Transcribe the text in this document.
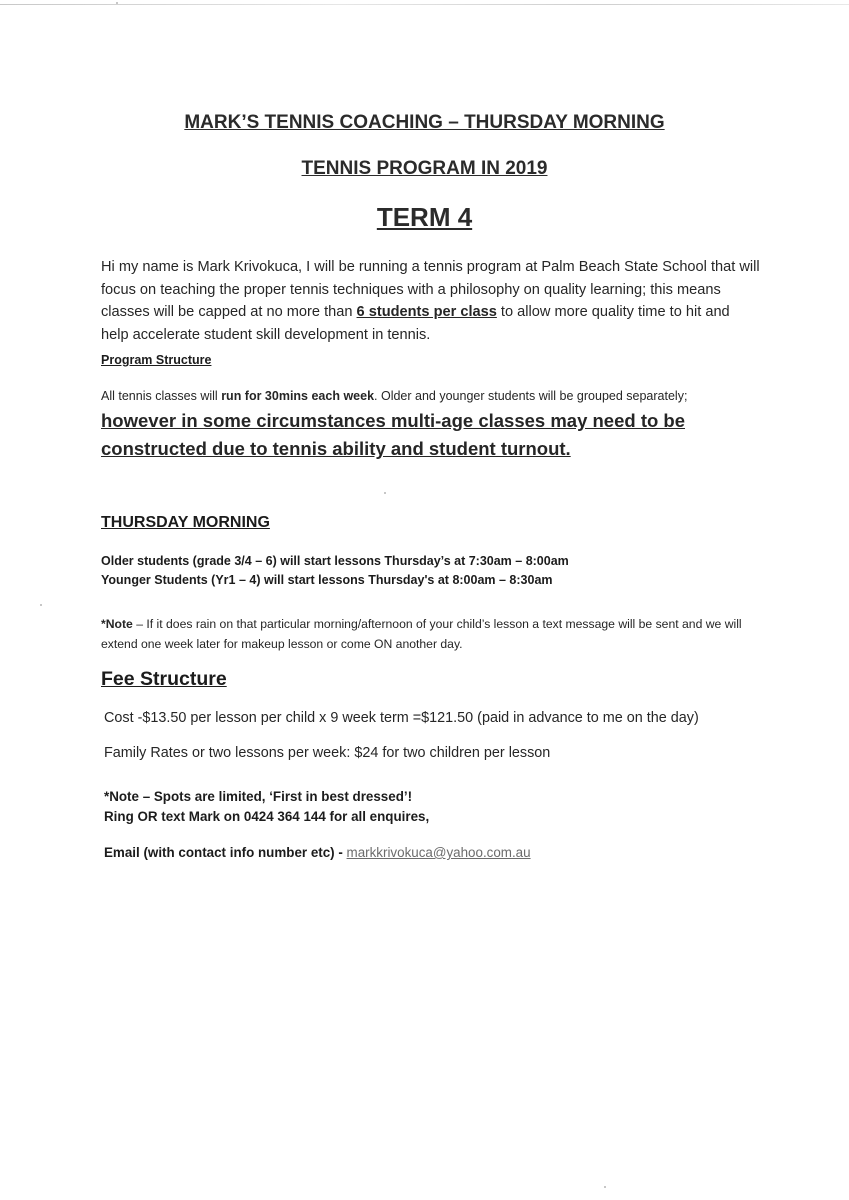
MARK’S TENNIS COACHING – THURSDAY MORNING
TENNIS PROGRAM IN 2019
TERM 4
Hi my name is Mark Krivokuca, I will be running a tennis program at Palm Beach State School that will focus on teaching the proper tennis techniques with a philosophy on quality learning; this means classes will be capped at no more than 6 students per class to allow more quality time to hit and help accelerate student skill development in tennis.
Program Structure
All tennis classes will run for 30mins each week. Older and younger students will be grouped separately; however in some circumstances multi-age classes may need to be constructed due to tennis ability and student turnout.
THURSDAY MORNING
Older students (grade 3/4 – 6) will start lessons Thursday’s at 7:30am – 8:00am
Younger Students (Yr1 – 4) will start lessons Thursday's at 8:00am – 8:30am
*Note – If it does rain on that particular morning/afternoon of your child’s lesson a text message will be sent and we will extend one week later for makeup lesson or come ON another day.
Fee Structure
Cost -$13.50 per lesson per child x 9 week term =$121.50 (paid in advance to me on the day)
Family Rates or two lessons per week: $24 for two children per lesson
*Note – Spots are limited, ‘First in best dressed’!
Ring OR text Mark on 0424 364 144 for all enquires,
Email (with contact info number etc) - markkrivokuca@yahoo.com.au
